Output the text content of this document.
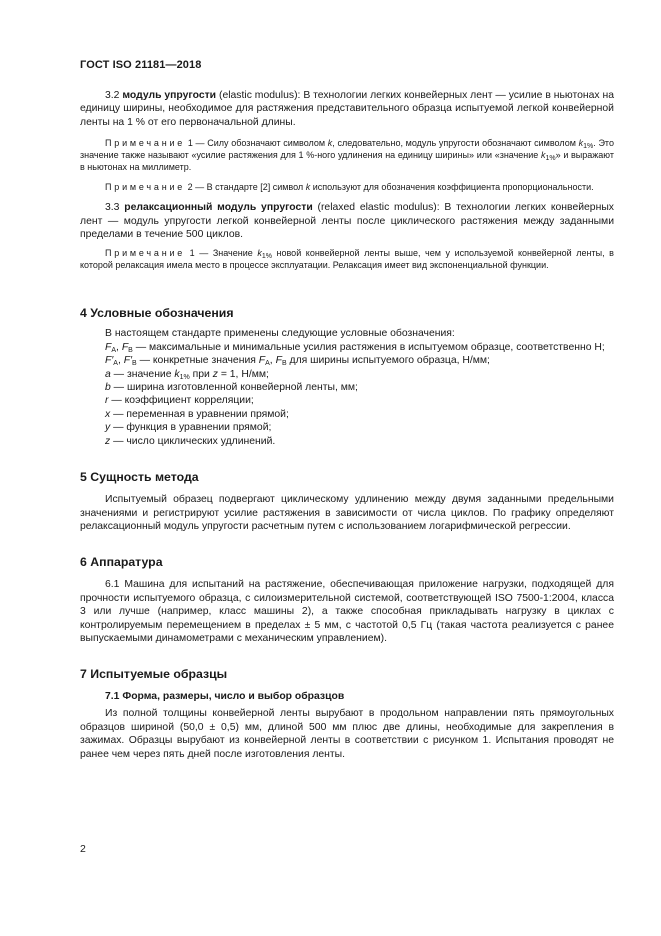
ГОСТ ISO 21181—2018

3.2 модуль упругости (elastic modulus): В технологии легких конвейерных лент — усилие в ньютонах на единицу ширины, необходимое для растяжения представительного образца испытуемой легкой конвейерной ленты на 1 % от его первоначальной длины.

Примечание 1 — Силу обозначают символом k, следовательно, модуль упругости обозначают символом $k_{1\%}$. Это значение также называют «усилие растяжения для 1 %-ного удлинения на единицу ширины» или «значение $k_{1\%}$» и выражают в ньютонах на миллиметр.

Примечание 2 — В стандарте [2] символ k используют для обозначения коэффициента пропорциональности.

3.3 релаксационный модуль упругости (relaxed elastic modulus): В технологии легких конвейерных лент — модуль упругости легкой конвейерной ленты после циклического растяжения между заданными пределами в течение 500 циклов.

Примечание 1 — Значение $k_{1\%}$ новой конвейерной ленты выше, чем у используемой конвейерной ленты, в которой релаксация имела место в процессе эксплуатации. Релаксация имеет вид экспоненциальной функции.

4 Условные обозначения

В настоящем стандарте применены следующие условные обозначения:

$F_A$, $F_B$ — максимальные и минимальные усилия растяжения в испытуемом образце, соответственно Н;

$F'_A$, $F'_B$ — конкретные значения $F_A$, $F_B$ для ширины испытуемого образца, Н/мм;

a — значение $k_{1\%}$ при z = 1, Н/мм;

b — ширина изготовленной конвейерной ленты, мм;

r — коэффициент корреляции;

x — переменная в уравнении прямой;

y — функция в уравнении прямой;

z — число циклических удлинений.

5 Сущность метода

Испытуемый образец подвергают циклическому удлинению между двумя заданными предельными значениями и регистрируют усилие растяжения в зависимости от числа циклов. По графику определяют релаксационный модуль упругости расчетным путем с использованием логарифмической регрессии.

6 Аппаратура

6.1 Машина для испытаний на растяжение, обеспечивающая приложение нагрузки, подходящей для прочности испытуемого образца, с силоизмерительной системой, соответствующей ISO 7500-1:2004, класса 3 или лучше (например, класс машины 2), а также способная прикладывать нагрузку в циклах с контролируемым перемещением в пределах ± 5 мм, с частотой 0,5 Гц (такая частота реализуется с ранее выпускаемыми динамометрами с механическим управлением).

7 Испытуемые образцы
7.1 Форма, размеры, число и выбор образцов

Из полной толщины конвейерной ленты вырубают в продольном направлении пять прямоугольных образцов шириной (50,0 ± 0,5) мм, длиной 500 мм плюс две длины, необходимые для закрепления в зажимах. Образцы вырубают из конвейерной ленты в соответствии с рисунком 1. Испытания проводят не ранее чем через пять дней после изготовления ленты.

2
